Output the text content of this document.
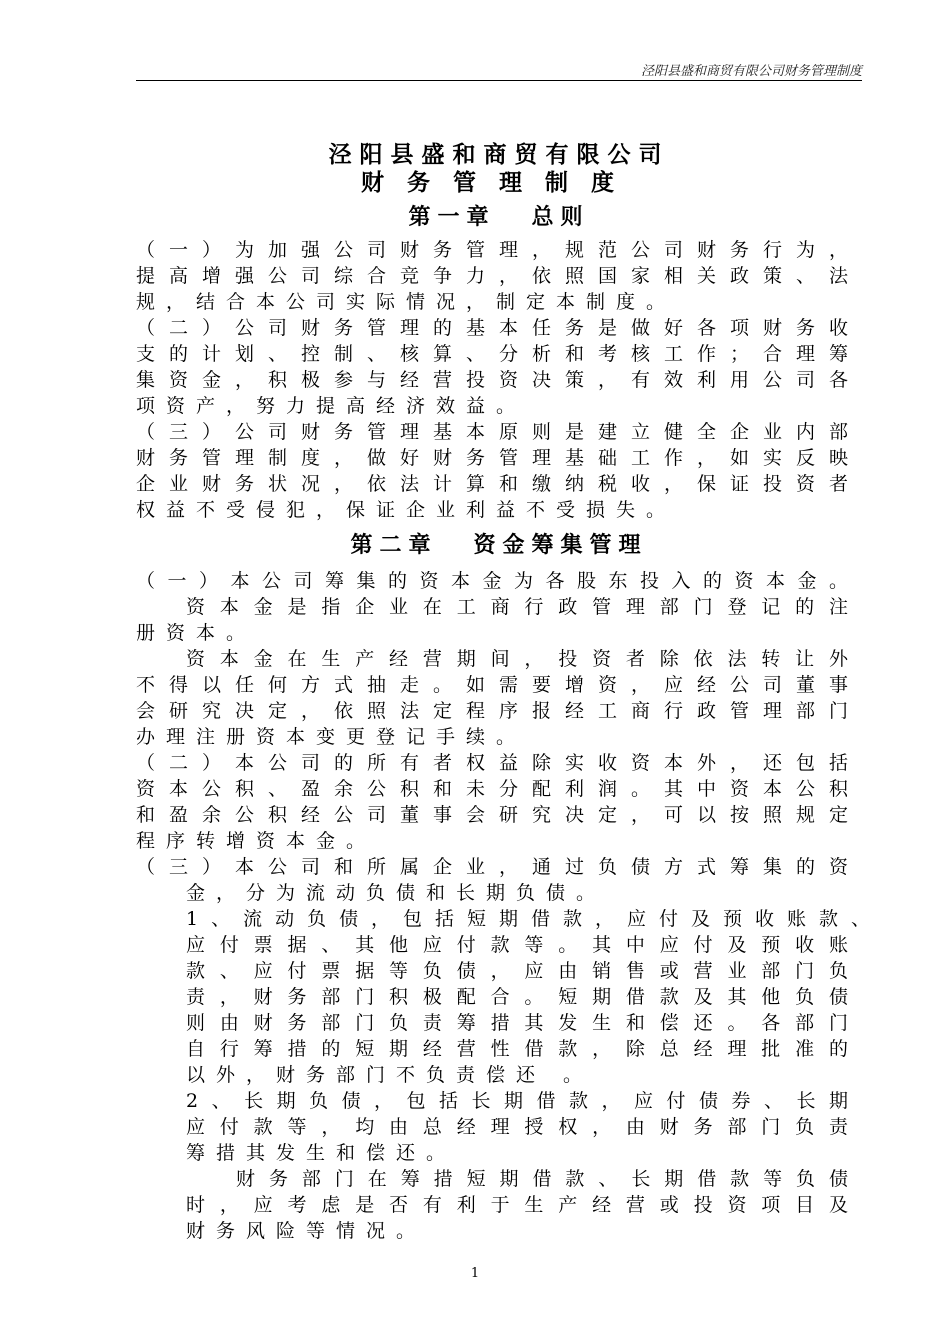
泾阳县盛和商贸有限公司财务管理制度
泾阳县盛和商贸有限公司
财务管理制度
第一章 总则
（一）为加强公司财务管理，规范公司财务行为，
提高增强公司综合竞争力，依照国家相关政策、法
规，结合本公司实际情况，制定本制度。
（二）公司财务管理的基本任务是做好各项财务收
支的计划、控制、核算、分析和考核工作；合理筹
集资金，积极参与经营投资决策，有效利用公司各
项资产，努力提高经济效益。
（三）公司财务管理基本原则是建立健全企业内部
财务管理制度，做好财务管理基础工作，如实反映
企业财务状况，依法计算和缴纳税收，保证投资者
权益不受侵犯，保证企业利益不受损失。
第二章 资金筹集管理
（一）本公司筹集的资本金为各股东投入的资本金。
资本金是指企业在工商行政管理部门登记的注
册资本。
资本金在生产经营期间，投资者除依法转让外
不得以任何方式抽走。如需要增资，应经公司董事
会研究决定，依照法定程序报经工商行政管理部门
办理注册资本变更登记手续。
（二）本公司的所有者权益除实收资本外，还包括
资本公积、盈余公积和未分配利润。其中资本公积
和盈余公积经公司董事会研究决定，可以按照规定
程序转增资本金。
（三）本公司和所属企业，通过负债方式筹集的资
金，分为流动负债和长期负债。
1、流动负债，包括短期借款，应付及预收账款、
应付票据、其他应付款等。其中应付及预收账
款、应付票据等负债，应由销售或营业部门负
责，财务部门积极配合。短期借款及其他负债
则由财务部门负责筹措其发生和偿还。各部门
自行筹措的短期经营性借款，除总经理批准的
以外，财务部门不负责偿还 。
2、长期负债，包括长期借款，应付债券、长期
应付款等，均由总经理授权，由财务部门负责
筹措其发生和偿还。
财务部门在筹措短期借款、长期借款等负债
时，应考虑是否有利于生产经营或投资项目及
财务风险等情况。
1
